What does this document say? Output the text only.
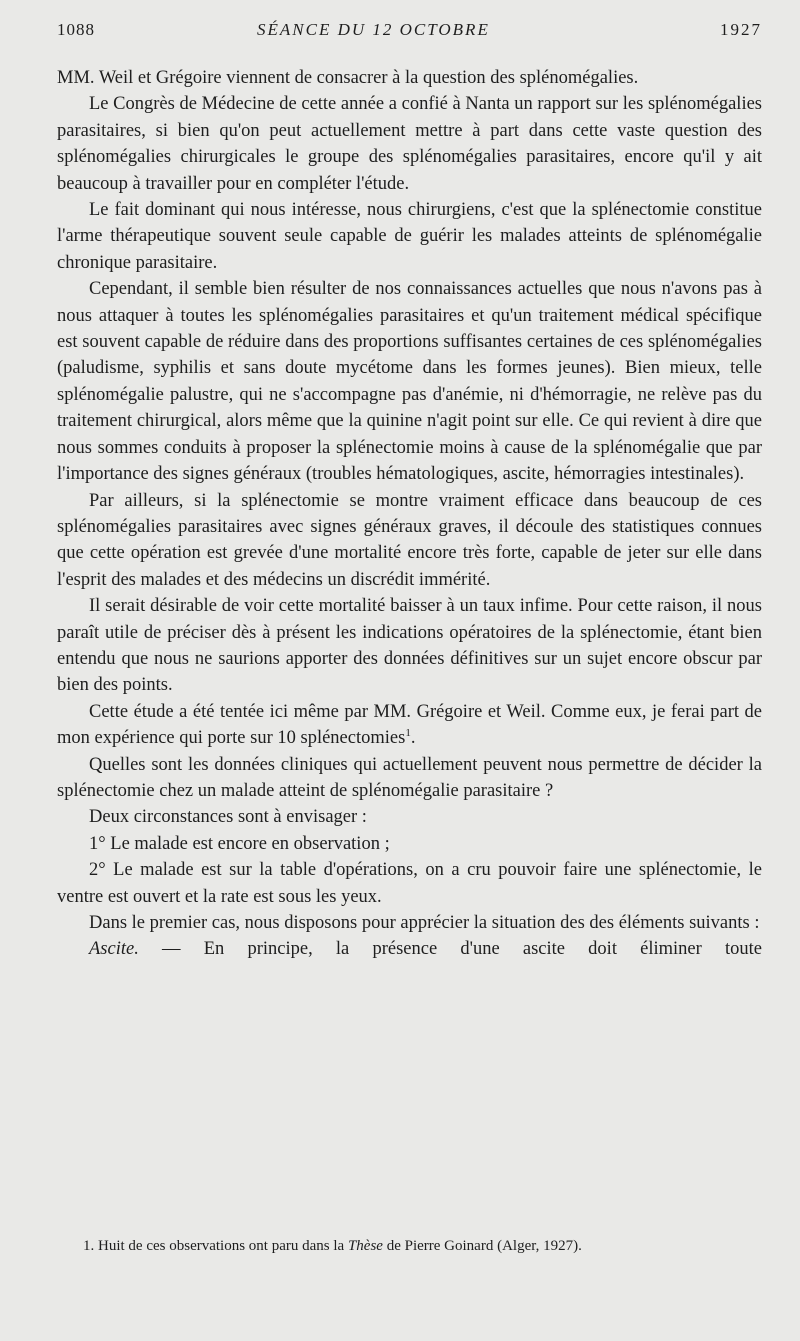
1088	SÉANCE DU 12 OCTOBRE	1927

MM. Weil et Grégoire viennent de consacrer à la question des splénomégalies.

Le Congrès de Médecine de cette année a confié à Nanta un rapport sur les splénomégalies parasitaires, si bien qu'on peut actuellement mettre à part dans cette vaste question des splénomégalies chirurgicales le groupe des splénomégalies parasitaires, encore qu'il y ait beaucoup à travailler pour en compléter l'étude.

Le fait dominant qui nous intéresse, nous chirurgiens, c'est que la splénectomie constitue l'arme thérapeutique souvent seule capable de guérir les malades atteints de splénomégalie chronique parasitaire.

Cependant, il semble bien résulter de nos connaissances actuelles que nous n'avons pas à nous attaquer à toutes les splénomégalies parasitaires et qu'un traitement médical spécifique est souvent capable de réduire dans des proportions suffisantes certaines de ces splénomégalies (paludisme, syphilis et sans doute mycétome dans les formes jeunes). Bien mieux, telle splénomégalie palustre, qui ne s'accompagne pas d'anémie, ni d'hémorragie, ne relève pas du traitement chirurgical, alors même que la quinine n'agit point sur elle. Ce qui revient à dire que nous sommes conduits à proposer la splénectomie moins à cause de la splénomégalie que par l'importance des signes généraux (troubles hématologiques, ascite, hémorragies intestinales).

Par ailleurs, si la splénectomie se montre vraiment efficace dans beaucoup de ces splénomégalies parasitaires avec signes généraux graves, il découle des statistiques connues que cette opération est grevée d'une mortalité encore très forte, capable de jeter sur elle dans l'esprit des malades et des médecins un discrédit immérité.

Il serait désirable de voir cette mortalité baisser à un taux infime. Pour cette raison, il nous paraît utile de préciser dès à présent les indications opératoires de la splénectomie, étant bien entendu que nous ne saurions apporter des données définitives sur un sujet encore obscur par bien des points.

Cette étude a été tentée ici même par MM. Grégoire et Weil. Comme eux, je ferai part de mon expérience qui porte sur 10 splénectomies$^1$.

Quelles sont les données cliniques qui actuellement peuvent nous permettre de décider la splénectomie chez un malade atteint de splénomégalie parasitaire ?

Deux circonstances sont à envisager :

1° Le malade est encore en observation ;

2° Le malade est sur la table d'opérations, on a cru pouvoir faire une splénectomie, le ventre est ouvert et la rate est sous les yeux.

Dans le premier cas, nous disposons pour apprécier la situation des des éléments suivants :

Ascite. — En principe, la présence d'une ascite doit éliminer toute

1. Huit de ces observations ont paru dans la Thèse de Pierre Goinard (Alger, 1927).
